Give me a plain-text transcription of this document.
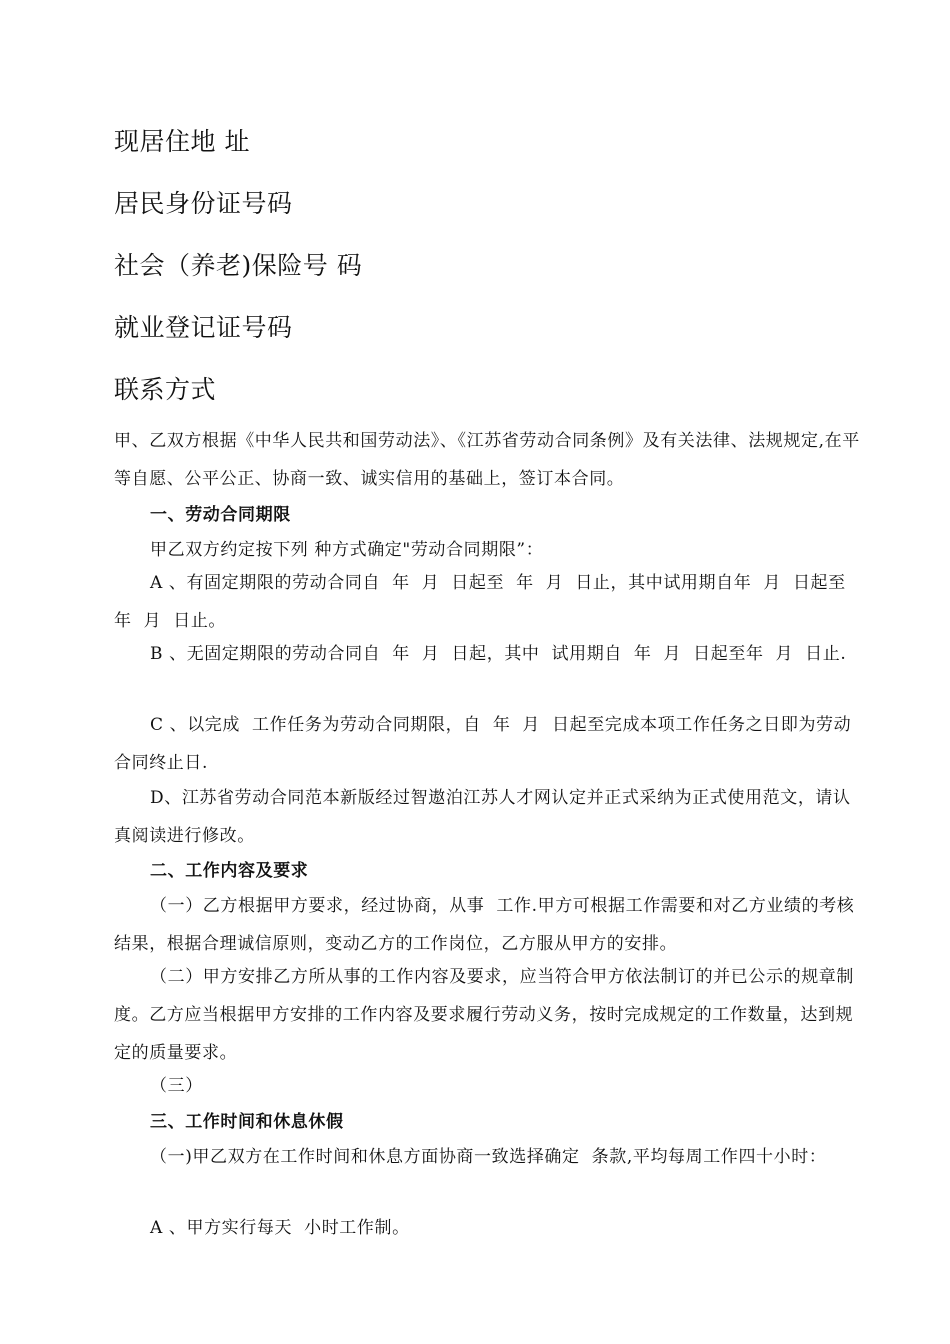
现居住地 址
居民身份证号码
社会（养老)保险号 码
就业登记证号码
联系方式
甲、乙双方根据《中华人民共和国劳动法》、《江苏省劳动合同条例》及有关法律、法规规定,在平等自愿、公平公正、协商一致、诚实信用的基础上，签订本合同。
一、劳动合同期限
甲乙双方约定按下列 种方式确定"劳动合同期限”：
A 、有固定期限的劳动合同自  年  月  日起至  年  月  日止，其中试用期自年  月  日起至  年  月  日止。
B 、无固定期限的劳动合同自  年  月  日起，其中  试用期自  年  月  日起至年  月  日止.
C 、以完成  工作任务为劳动合同期限，自  年  月  日起至完成本项工作任务之日即为劳动合同终止日.
D、江苏省劳动合同范本新版经过智遨泊江苏人才网认定并正式采纳为正式使用范文，请认真阅读进行修改。
二、工作内容及要求
（一）乙方根据甲方要求，经过协商，从事  工作.甲方可根据工作需要和对乙方业绩的考核结果，根据合理诚信原则，变动乙方的工作岗位，乙方服从甲方的安排。
（二）甲方安排乙方所从事的工作内容及要求，应当符合甲方依法制订的并已公示的规章制度。乙方应当根据甲方安排的工作内容及要求履行劳动义务，按时完成规定的工作数量，达到规定的质量要求。
（三）
三、工作时间和休息休假
（一)甲乙双方在工作时间和休息方面协商一致选择确定  条款,平均每周工作四十小时：
A 、甲方实行每天  小时工作制。
